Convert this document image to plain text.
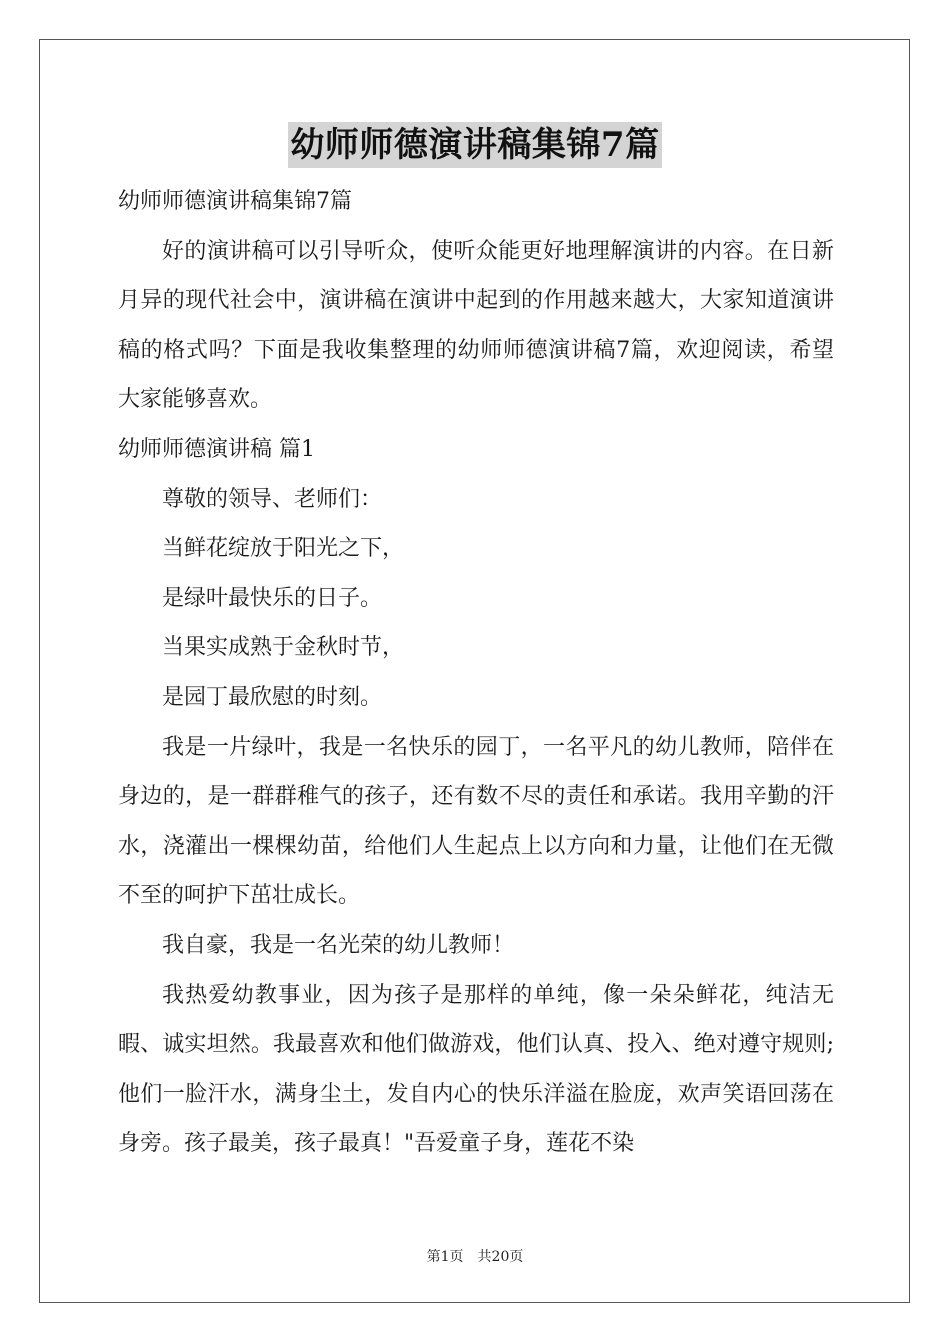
幼师师德演讲稿集锦7篇
幼师师德演讲稿集锦7篇

好的演讲稿可以引导听众，使听众能更好地理解演讲的内容。在日新月异的现代社会中，演讲稿在演讲中起到的作用越来越大，大家知道演讲稿的格式吗？下面是我收集整理的幼师师德演讲稿7篇，欢迎阅读，希望大家能够喜欢。

幼师师德演讲稿 篇1
尊敬的领导、老师们：
当鲜花绽放于阳光之下，
是绿叶最快乐的日子。
当果实成熟于金秋时节，
是园丁最欣慰的时刻。

我是一片绿叶，我是一名快乐的园丁，一名平凡的幼儿教师，陪伴在身边的，是一群群稚气的孩子，还有数不尽的责任和承诺。我用辛勤的汗水，浇灌出一棵棵幼苗，给他们人生起点上以方向和力量，让他们在无微不至的呵护下茁壮成长。

我自豪，我是一名光荣的幼儿教师！

我热爱幼教事业，因为孩子是那样的单纯，像一朵朵鲜花，纯洁无暇、诚实坦然。我最喜欢和他们做游戏，他们认真、投入、绝对遵守规则;他们一脸汗水，满身尘土，发自内心的快乐洋溢在脸庞，欢声笑语回荡在身旁。孩子最美，孩子最真！"吾爱童子身，莲花不染

第1页 共20页
